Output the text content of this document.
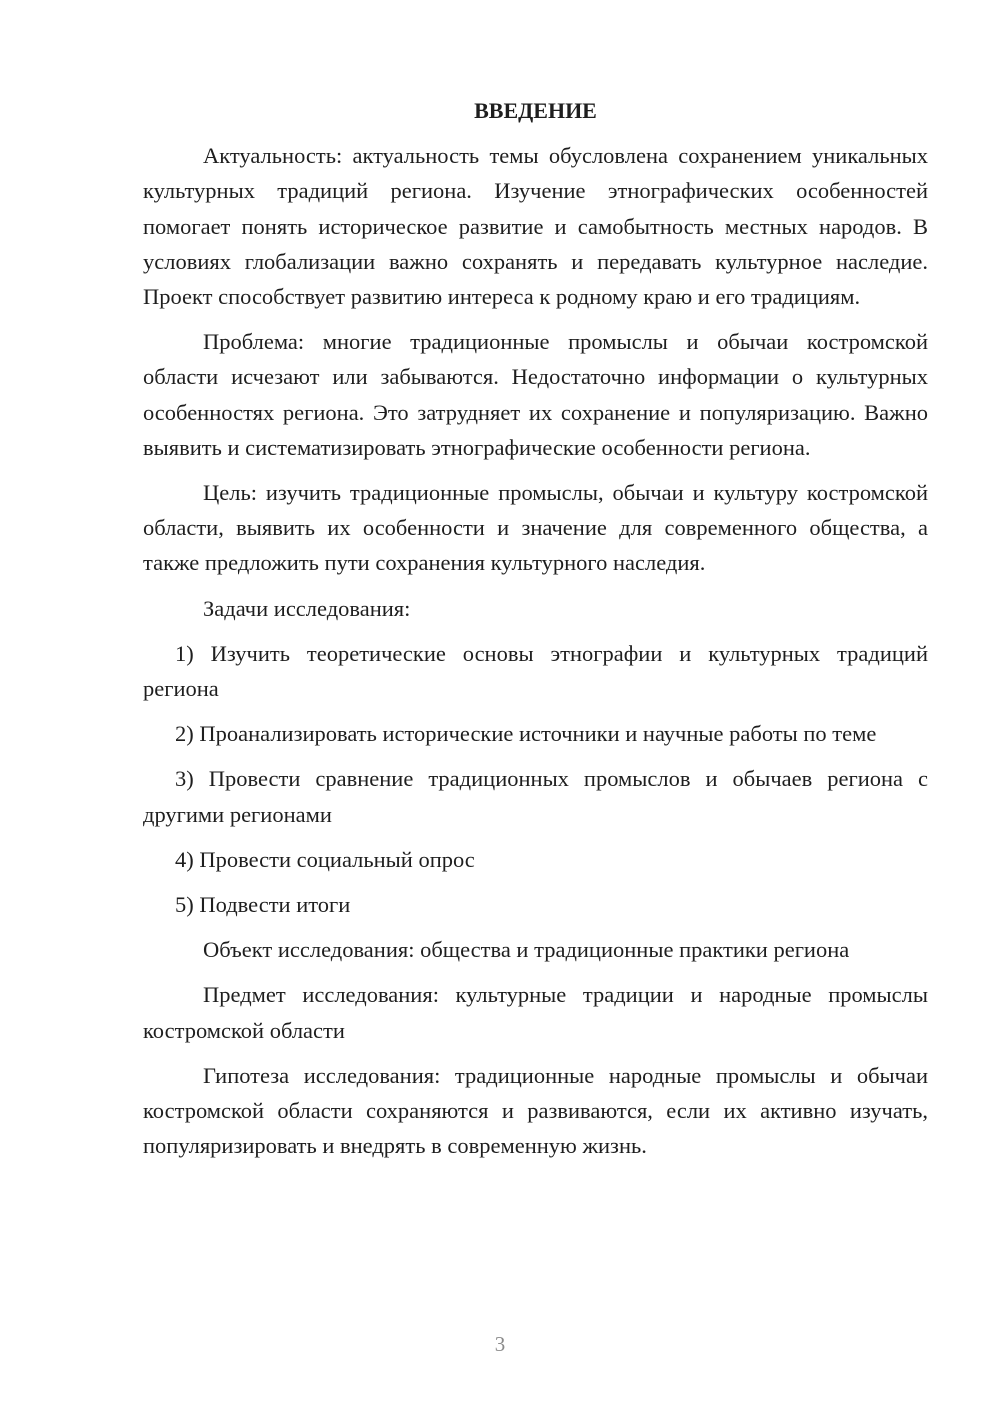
ВВЕДЕНИЕ

Актуальность: актуальность темы обусловлена сохранением уникальных культурных традиций региона. Изучение этнографических особенностей помогает понять историческое развитие и самобытность местных народов. В условиях глобализации важно сохранять и передавать культурное наследие. Проект способствует развитию интереса к родному краю и его традициям.

Проблема: многие традиционные промыслы и обычаи костромской области исчезают или забываются. Недостаточно информации о культурных особенностях региона. Это затрудняет их сохранение и популяризацию. Важно выявить и систематизировать этнографические особенности региона.

Цель: изучить традиционные промыслы, обычаи и культуру костромской области, выявить их особенности и значение для современного общества, а также предложить пути сохранения культурного наследия.

Задачи исследования:

1) Изучить теоретические основы этнографии и культурных традиций региона

2) Проанализировать исторические источники и научные работы по теме

3) Провести сравнение традиционных промыслов и обычаев региона с другими регионами

4) Провести социальный опрос

5) Подвести итоги

Объект исследования: общества и традиционные практики региона

Предмет исследования: культурные традиции и народные промыслы костромской области

Гипотеза исследования: традиционные народные промыслы и обычаи костромской области сохраняются и развиваются, если их активно изучать, популяризировать и внедрять в современную жизнь.

3
